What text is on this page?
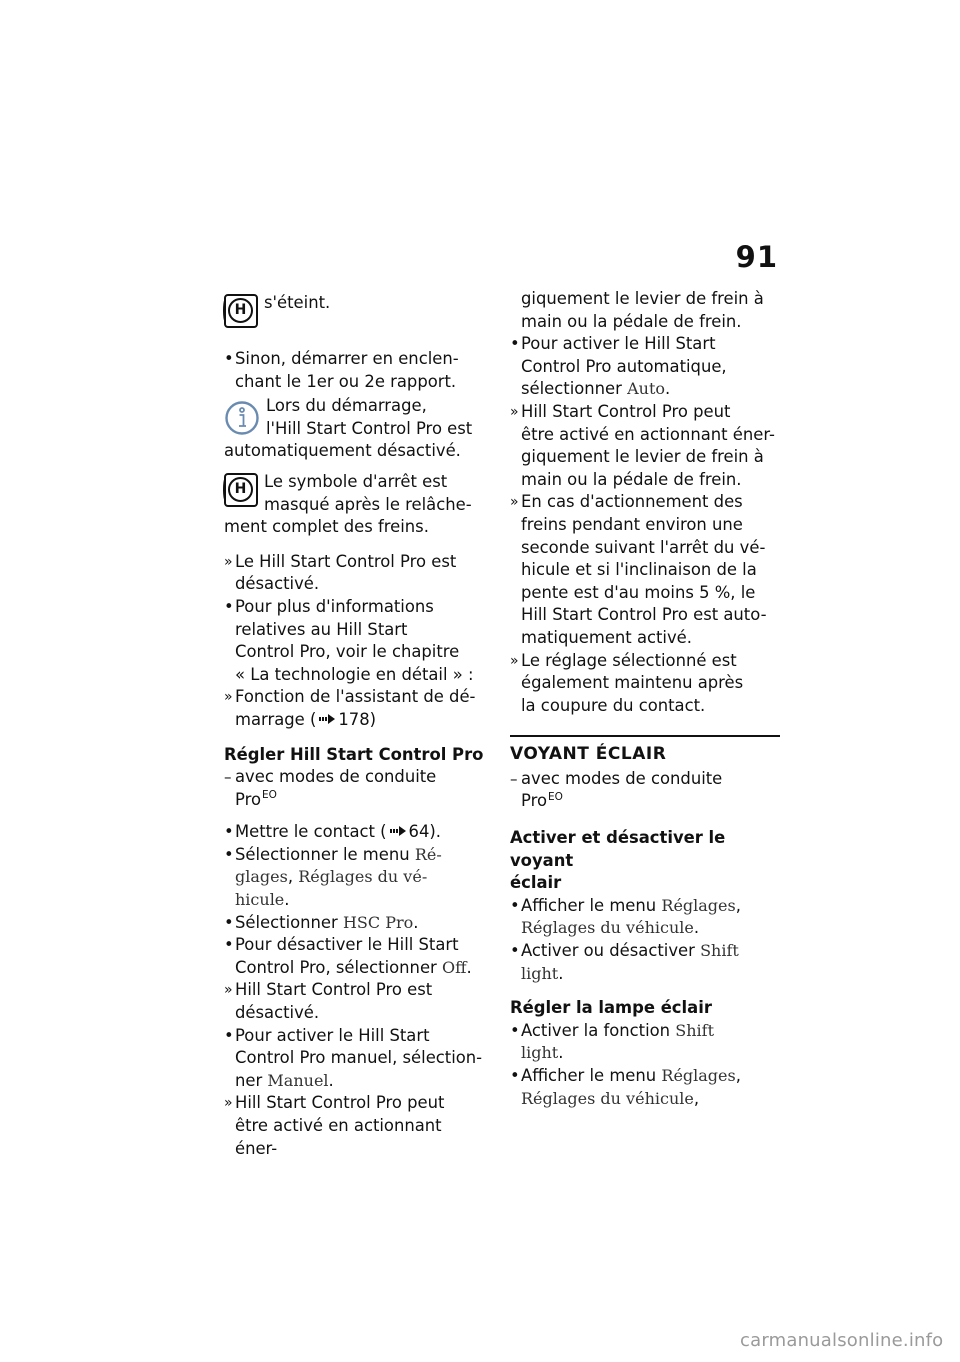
91
H	s'éteint.
• Sinon, démarrer en enclen-
chant le 1er ou 2e rapport.
Lors du démarrage,
l'Hill Start Control Pro est
automatiquement désactivé.
H	Le symbole d'arrêt est
masqué après le relâche-
ment complet des freins.
» Le Hill Start Control Pro est
désactivé.
• Pour plus d'informations
relatives au Hill Start
Control Pro, voir le chapitre
« La technologie en détail » :
» Fonction de l'assistant de dé-
marrage ( 178)
Régler Hill Start Control Pro
– avec modes de conduite
Pro$^{EO}$
• Mettre le contact ( 64).
• Sélectionner le menu Ré-
glages, Réglages du vé-
hicule.
• Sélectionner HSC Pro.
• Pour désactiver le Hill Start
Control Pro, sélectionner Off.
» Hill Start Control Pro est
désactivé.
• Pour activer le Hill Start
Control Pro manuel, sélection-
ner Manuel.
» Hill Start Control Pro peut
être activé en actionnant éner-
giquement le levier de frein à
main ou la pédale de frein.
• Pour activer le Hill Start
Control Pro automatique,
sélectionner Auto.
» Hill Start Control Pro peut
être activé en actionnant éner-
giquement le levier de frein à
main ou la pédale de frein.
» En cas d'actionnement des
freins pendant environ une
seconde suivant l'arrêt du vé-
hicule et si l'inclinaison de la
pente est d'au moins 5 %, le
Hill Start Control Pro est auto-
matiquement activé.
» Le réglage sélectionné est
également maintenu après
la coupure du contact.
VOYANT ÉCLAIR
– avec modes de conduite
Pro$^{EO}$
Activer et désactiver le voyant
éclair
• Afficher le menu Réglages,
Réglages du véhicule.
• Activer ou désactiver Shift
light.
Régler la lampe éclair
• Activer la fonction Shift
light.
• Afficher le menu Réglages,
Réglages du véhicule,
carmanualsonline.info
